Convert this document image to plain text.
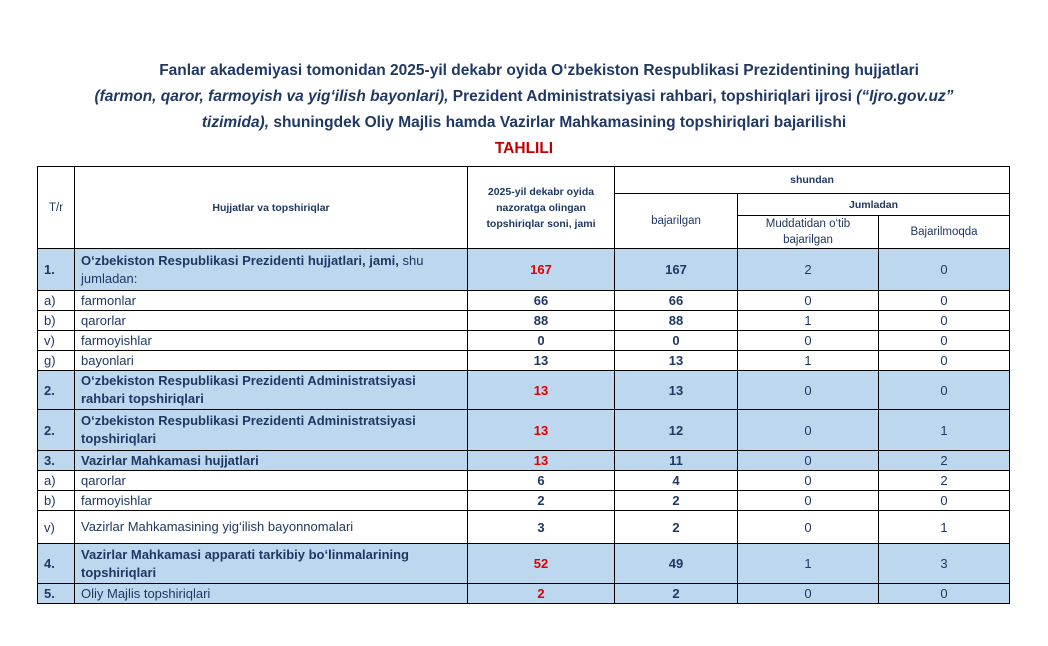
Fanlar akademiyasi tomonidan 2025-yil dekabr oyida O‘zbekiston Respublikasi Prezidentining hujjatlari
(farmon, qaror, farmoyish va yig‘ilish bayonlari), Prezident Administratsiyasi rahbari, topshiriqlari ijrosi (“Ijro.gov.uz”
tizimida), shuningdek Oliy Majlis hamda Vazirlar Mahkamasining topshiriqlari bajarilishi
TAHLILI
T/r	Hujjatlar va topshiriqlar	2025-yil dekabr oyida nazoratga olingan topshiriqlar soni, jami	shundan		
			bajarilgan	Jumladan	
				Muddatidan o‘tib bajarilgan	Bajarilmoqda
1.	O‘zbekiston Respublikasi Prezidenti hujjatlari, jami, shu jumladan:	167	167	2	0
a)	farmonlar	66	66	0	0
b)	qarorlar	88	88	1	0
v)	farmoyishlar	0	0	0	0
g)	bayonlari	13	13	1	0
2.	O‘zbekiston Respublikasi Prezidenti Administratsiyasi rahbari topshiriqlari	13	13	0	0
2.	O‘zbekiston Respublikasi Prezidenti Administratsiyasi topshiriqlari	13	12	0	1
3.	Vazirlar Mahkamasi hujjatlari	13	11	0	2
a)	qarorlar	6	4	0	2
b)	farmoyishlar	2	2	0	0
v)	Vazirlar Mahkamasining yig‘ilish bayonnomalari	3	2	0	1
4.	Vazirlar Mahkamasi apparati tarkibiy bo‘linmalarining topshiriqlari	52	49	1	3
5.	Oliy Majlis topshiriqlari	2	2	0	0
